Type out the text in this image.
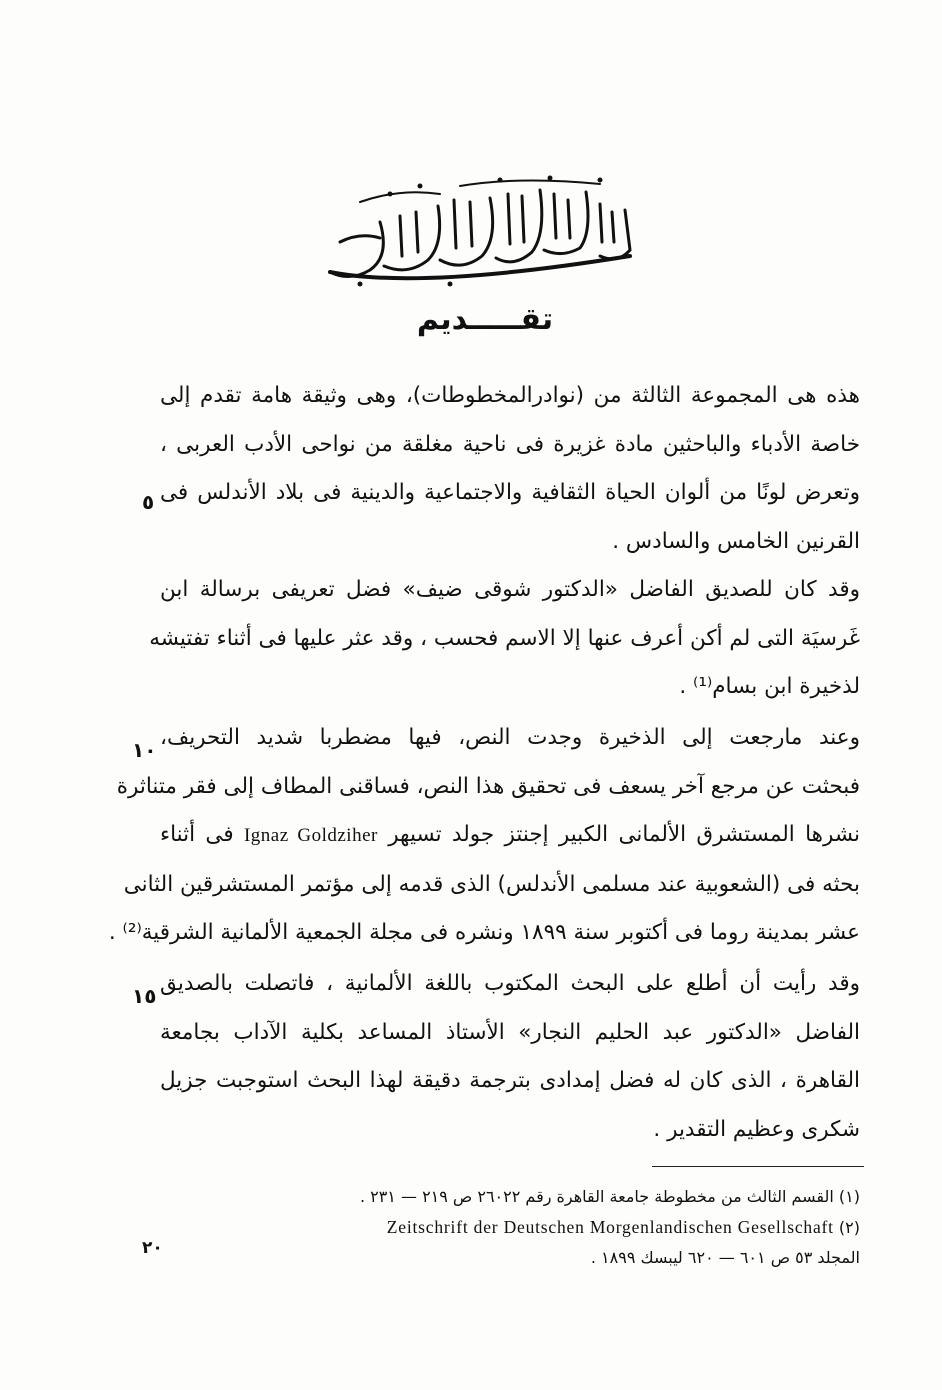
تقـــــديم
هذه هى المجموعة الثالثة من (نوادرالمخطوطات)، وهى وثيقة هامة تقدم إلى
خاصة الأدباء والباحثين مادة غزيرة فى ناحية مغلقة من نواحى الأدب العربى ،
وتعرض لونًا من ألوان الحياة الثقافية والاجتماعية والدينية فى بلاد الأندلس فى
القرنين الخامس والسادس .
وقد كان للصديق الفاضل «الدكتور شوقى ضيف» فضل تعريفى برسالة ابن
غَرسيَة التى لم أكن أعرف عنها إلا الاسم فحسب ، وقد عثر عليها فى أثناء تفتيشه
لذخيرة ابن بسام⁽¹⁾ .
وعند مارجعت إلى الذخيرة وجدت النص، فيها مضطربا شديد التحريف،
فبحثت عن مرجع آخر يسعف فى تحقيق هذا النص، فساقنى المطاف إلى فقر متناثرة
نشرها المستشرق الألمانى الكبير إجنتز جولد تسيهر Ignaz Goldziher فى أثناء
بحثه فى (الشعوبية عند مسلمى الأندلس) الذى قدمه إلى مؤتمر المستشرقين الثانى
عشر بمدينة روما فى أكتوبر سنة ١٨٩٩ ونشره فى مجلة الجمعية الألمانية الشرقية⁽²⁾ .
وقد رأيت أن أطلع على البحث المكتوب باللغة الألمانية ، فاتصلت بالصديق
الفاضل «الدكتور عبد الحليم النجار» الأستاذ المساعد بكلية الآداب بجامعة
القاهرة ، الذى كان له فضل إمدادى بترجمة دقيقة لهذا البحث استوجبت جزيل
شكرى وعظيم التقدير .
٥
١٠
١٥
٢٠
(١) القسم الثالث من مخطوطة جامعة القاهرة رقم ٢٦٠٢٢ ص ٢١٩ — ٢٣١ .
(٢) Zeitschrift der Deutschen Morgenlandischen Gesellschaft
المجلد ٥٣ ص ٦٠١ — ٦٢٠ ليبسك ١٨٩٩ .
